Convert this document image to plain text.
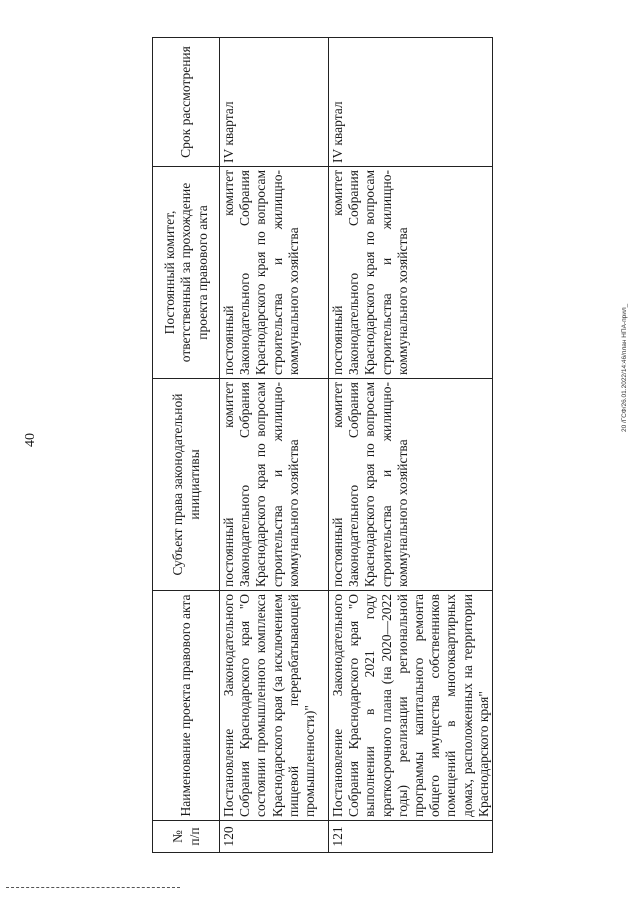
40
20 /ГСФ/26.01.2022/14:46/план НПА-прил_
№ п/п	Наименование проекта правового акта	Субъект права законодательной инициативы	Постоянный комитет, ответственный за прохождение проекта правового акта	Срок рассмотрения
120	Постановление Законодательного Собрания Краснодарского края "О состоянии промышленного комплекса Краснодарского края (за исключением пищевой перерабатывающей промышленности)"	постоянный комитет Законодательного Собрания Краснодарского края по вопросам строительства и жилищно-коммунального хозяйства	постоянный комитет Законодательного Собрания Краснодарского края по вопросам строительства и жилищно-коммунального хозяйства	IV квартал
121	Постановление Законодательного Собрания Краснодарского края "О выполнении в 2021 году краткосрочного плана (на 2020—2022 годы) реализации региональной программы капитального ремонта общего имущества собственников помещений в многоквартирных домах, расположенных на территории Краснодарского края"	постоянный комитет Законодательного Собрания Краснодарского края по вопросам строительства и жилищно-коммунального хозяйства	постоянный комитет Законодательного Собрания Краснодарского края по вопросам строительства и жилищно-коммунального хозяйства	IV квартал
